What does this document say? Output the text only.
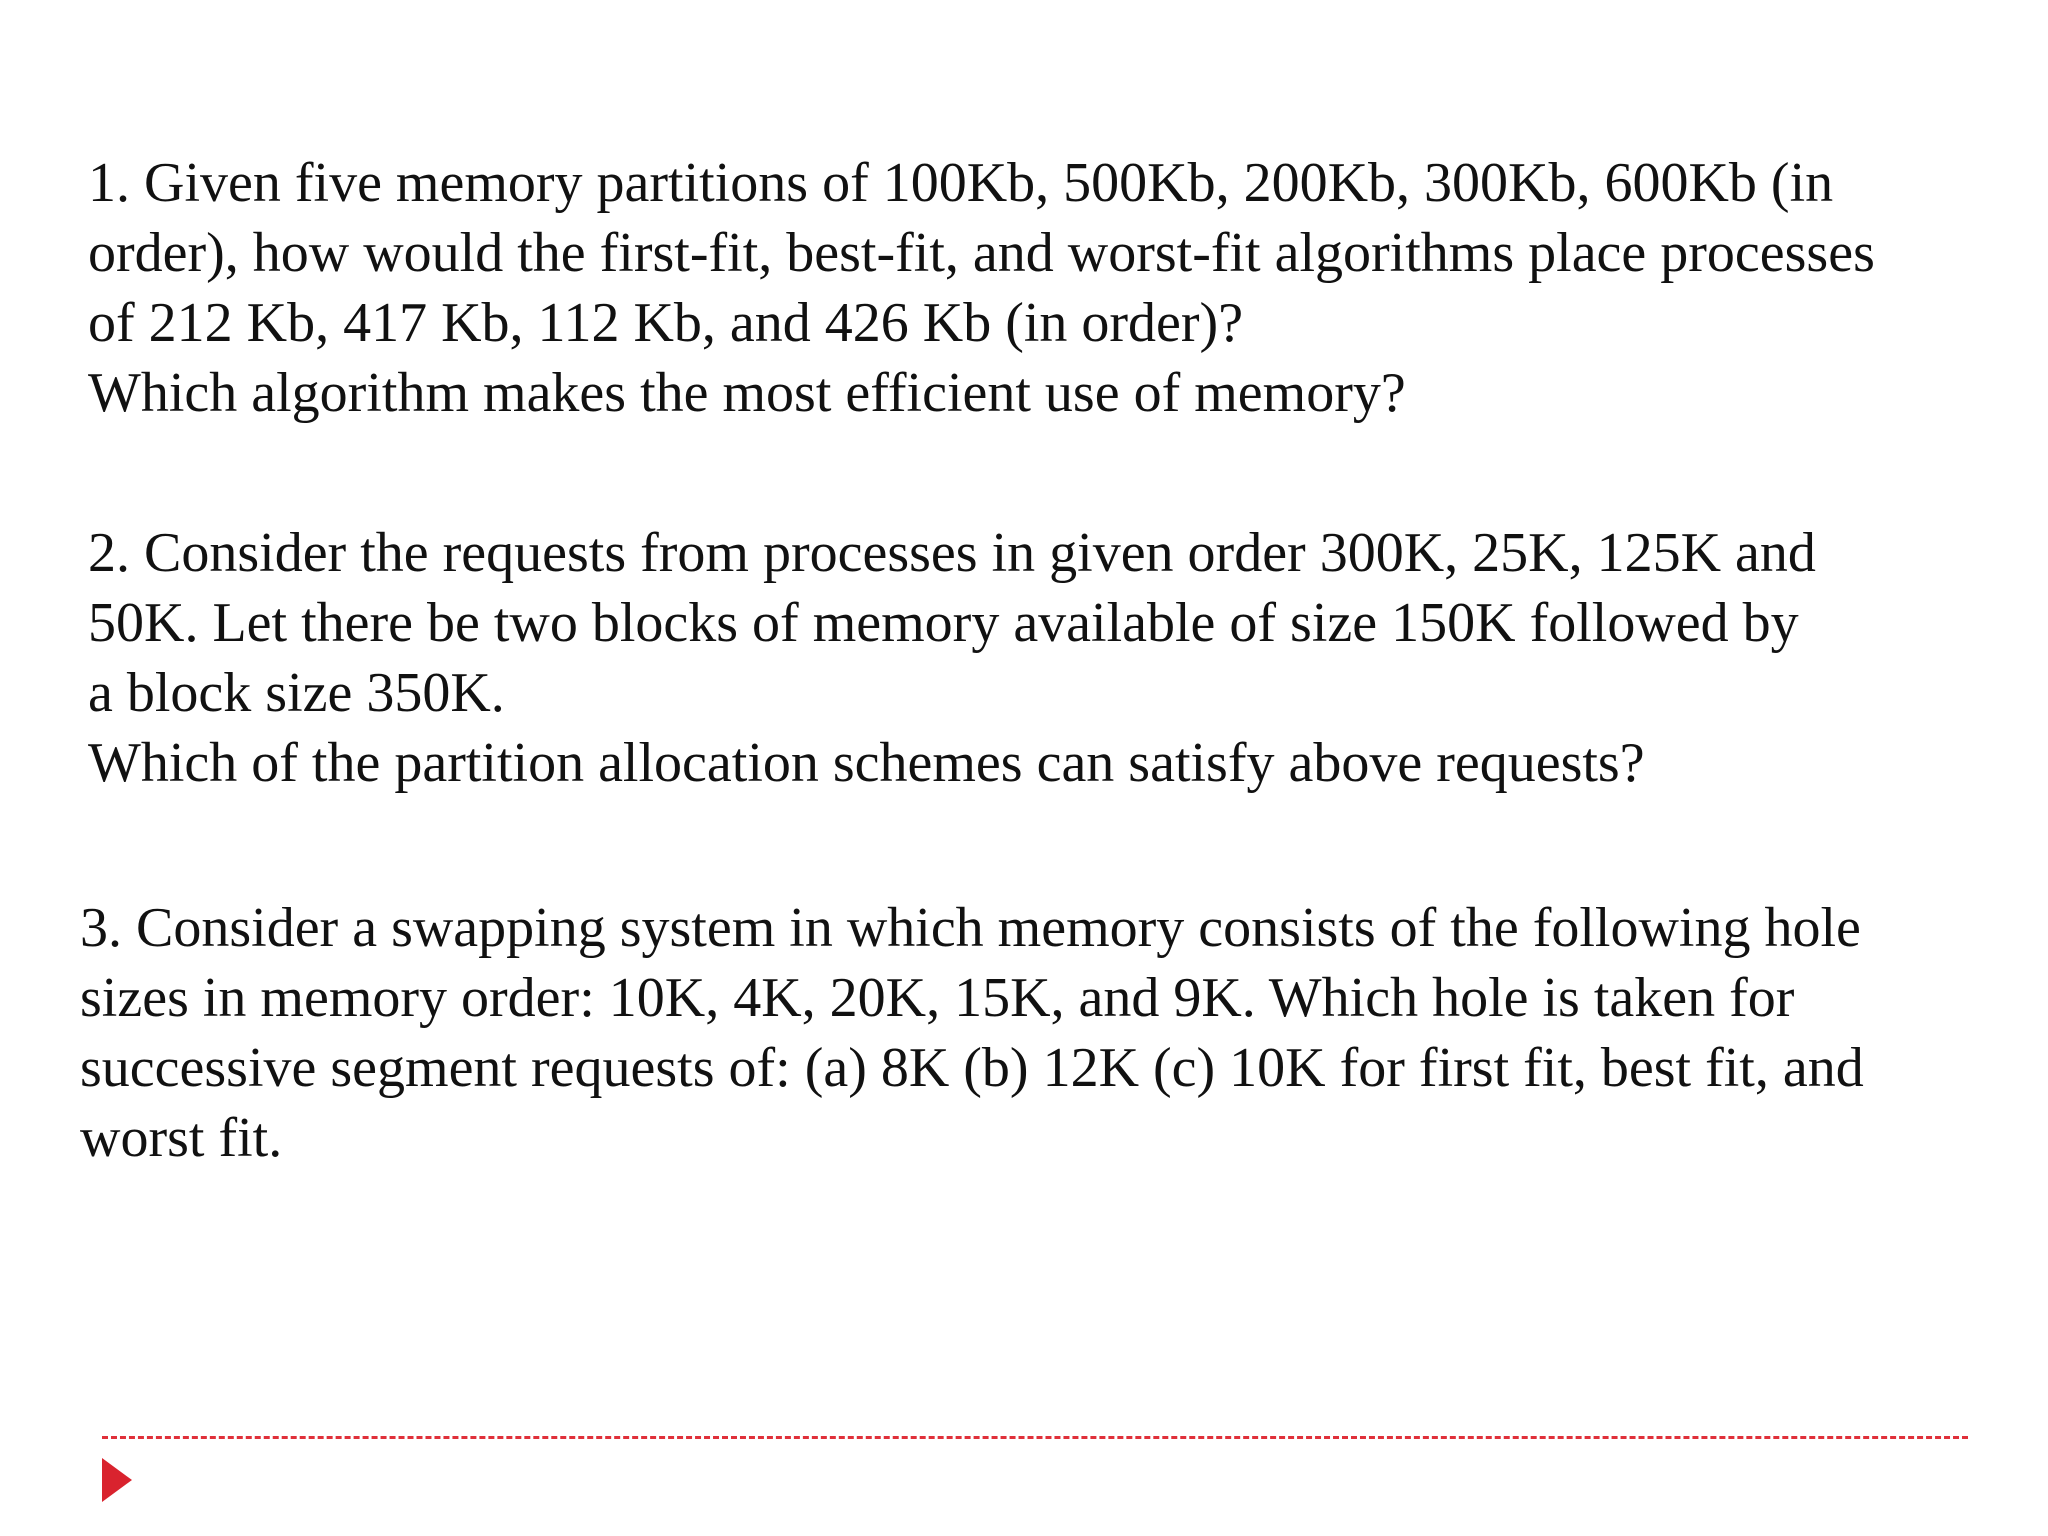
1. Given five memory partitions of 100Kb, 500Kb, 200Kb, 300Kb, 600Kb (in
order), how would the first-fit, best-fit, and worst-fit algorithms place processes
of 212 Kb, 417 Kb, 112 Kb, and 426 Kb (in order)?
Which algorithm makes the most efficient use of memory?
2. Consider the requests from processes in given order 300K, 25K, 125K and
50K. Let there be two blocks of memory available of size 150K followed by
a block size 350K.
Which of the partition allocation schemes can satisfy above requests?
3. Consider a swapping system in which memory consists of the following hole
sizes in memory order: 10K, 4K, 20K, 15K, and 9K. Which hole is taken for
successive segment requests of: (a) 8K (b) 12K (c) 10K for first fit, best fit, and
worst fit.
